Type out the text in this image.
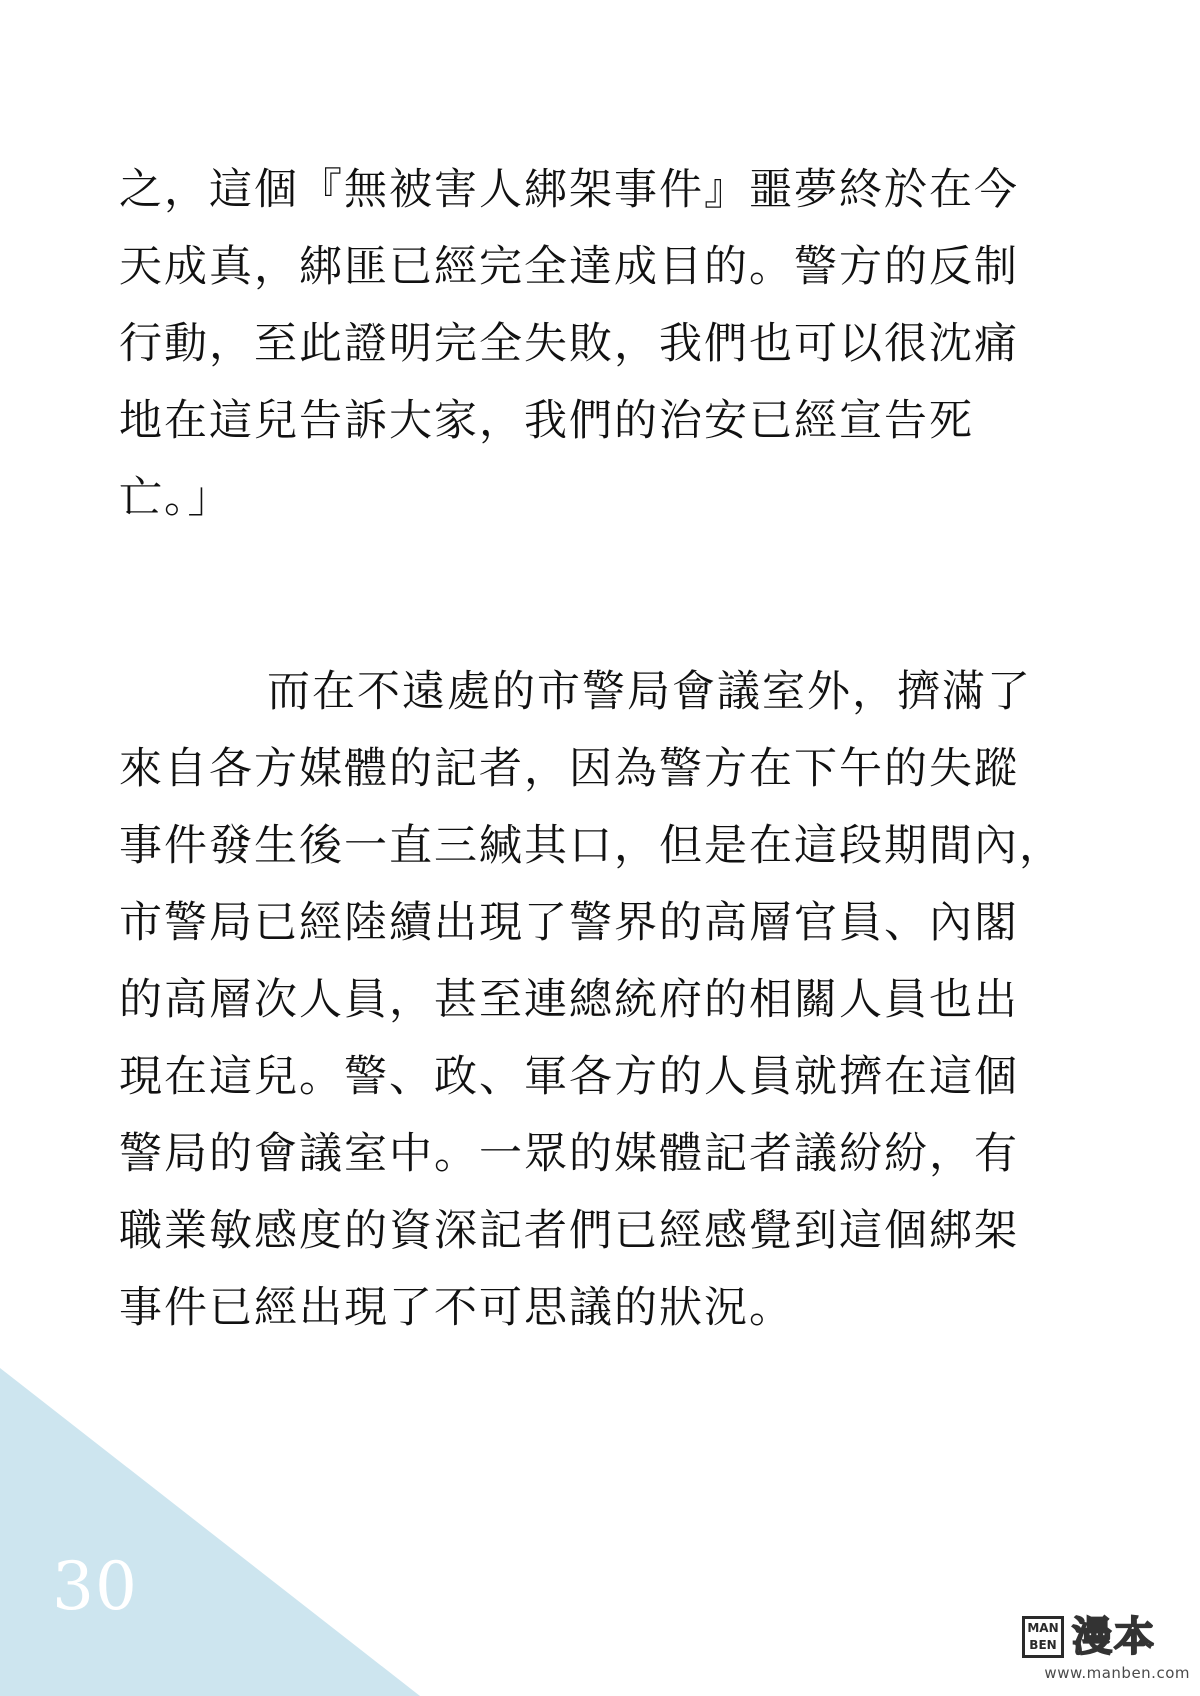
之，這個『無被害人綁架事件』噩夢終於在今
天成真，綁匪已經完全達成目的。警方的反制
行動，至此證明完全失敗，我們也可以很沈痛
地在這兒告訴大家，我們的治安已經宣告死
亡。」
而在不遠處的市警局會議室外，擠滿了
來自各方媒體的記者，因為警方在下午的失蹤
事件發生後一直三緘其口，但是在這段期間內，
市警局已經陸續出現了警界的高層官員、內閣
的高層次人員，甚至連總統府的相關人員也出
現在這兒。警、政、軍各方的人員就擠在這個
警局的會議室中。一眾的媒體記者議紛紛，有
職業敏感度的資深記者們已經感覺到這個綁架
事件已經出現了不可思議的狀況。
30
MAN
BEN 漫本
www.manben.com
